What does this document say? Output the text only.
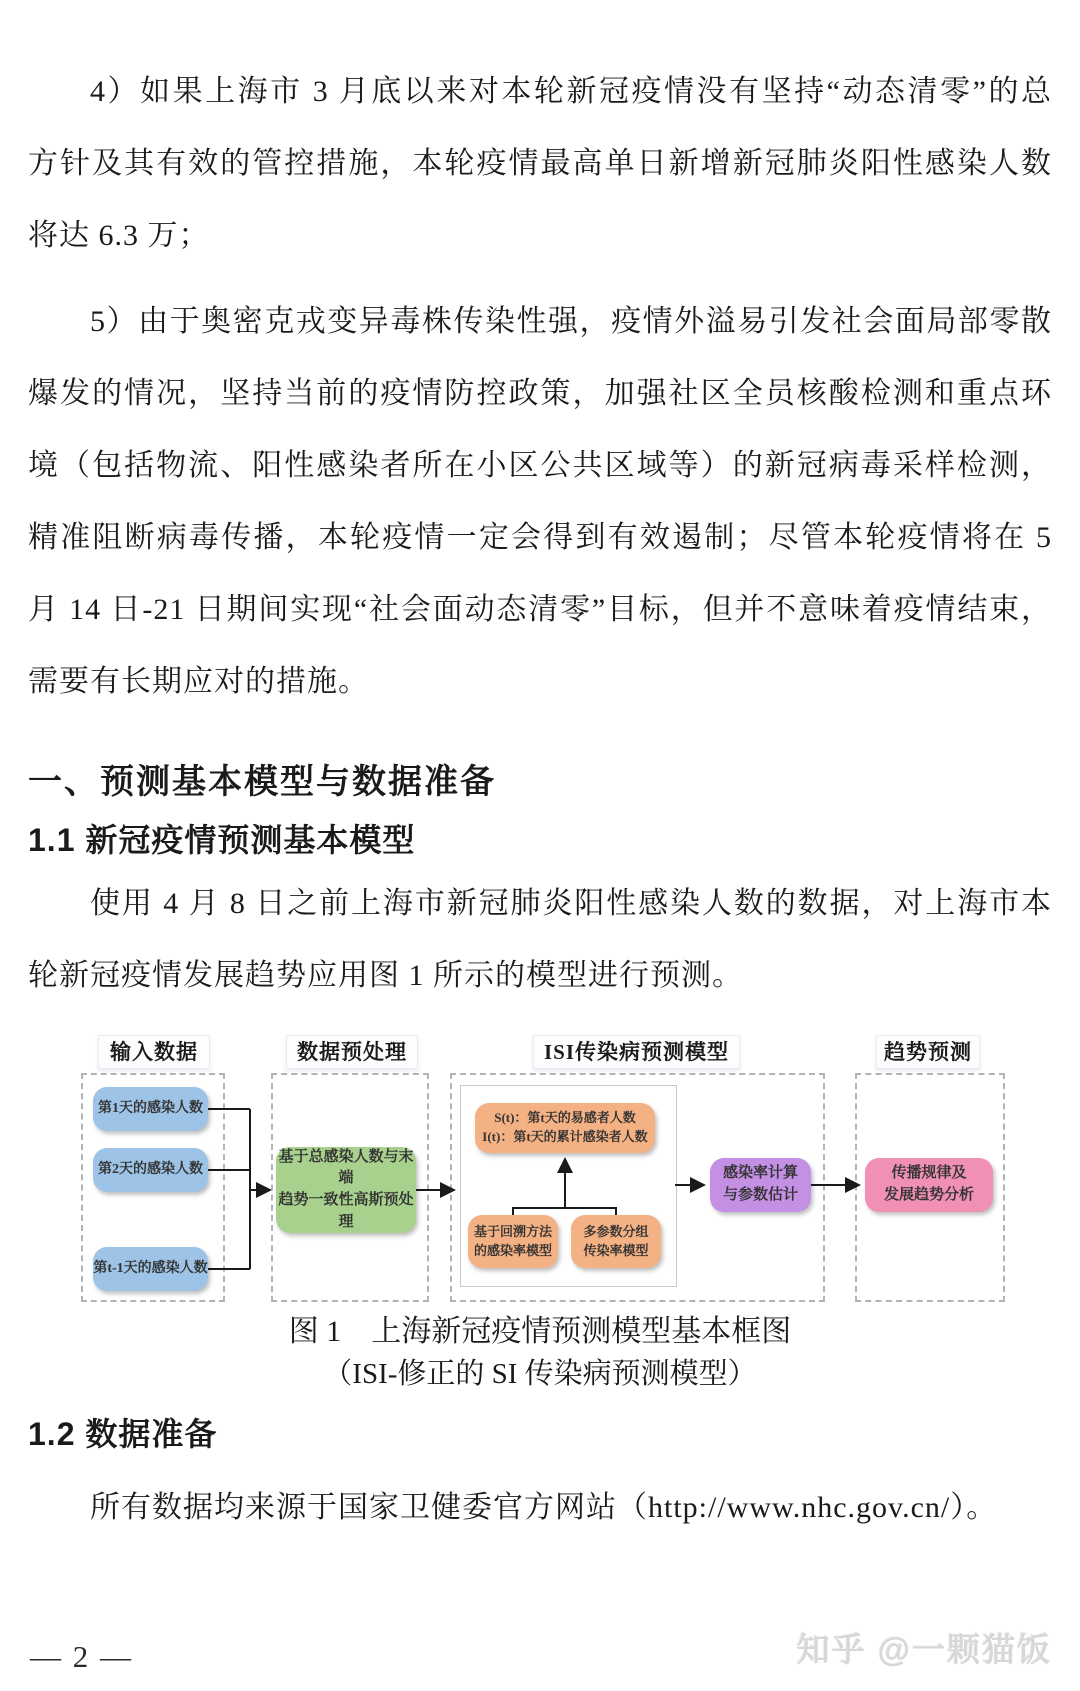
4）如果上海市 3 月底以来对本轮新冠疫情没有坚持“动态清零”的总
方针及其有效的管控措施，本轮疫情最高单日新增新冠肺炎阳性感染人数
将达 6.3 万；
5）由于奥密克戎变异毒株传染性强，疫情外溢易引发社会面局部零散
爆发的情况，坚持当前的疫情防控政策，加强社区全员核酸检测和重点环
境（包括物流、阳性感染者所在小区公共区域等）的新冠病毒采样检测，
精准阻断病毒传播，本轮疫情一定会得到有效遏制；尽管本轮疫情将在 5
月 14 日-21 日期间实现“社会面动态清零”目标，但并不意味着疫情结束，
需要有长期应对的措施。
一、预测基本模型与数据准备
1.1 新冠疫情预测基本模型
使用 4 月 8 日之前上海市新冠肺炎阳性感染人数的数据，对上海市本
轮新冠疫情发展趋势应用图 1 所示的模型进行预测。
输入数据	数据预处理	ISI传染病预测模型	趋势预测
第1天的感染人数
第2天的感染人数
第t-1天的感染人数
基于总感染人数与末端
趋势一致性高斯预处理
S(t)：第t天的易感者人数
I(t)：第t天的累计感染者人数
基于回溯方法
的感染率模型
多参数分组
传染率模型
感染率计算
与参数估计
传播规律及
发展趋势分析
图 1　上海新冠疫情预测模型基本框图
（ISI-修正的 SI 传染病预测模型）
1.2 数据准备
所有数据均来源于国家卫健委官方网站（http://www.nhc.gov.cn/）。
— 2 —	知乎 @一颗猫饭
